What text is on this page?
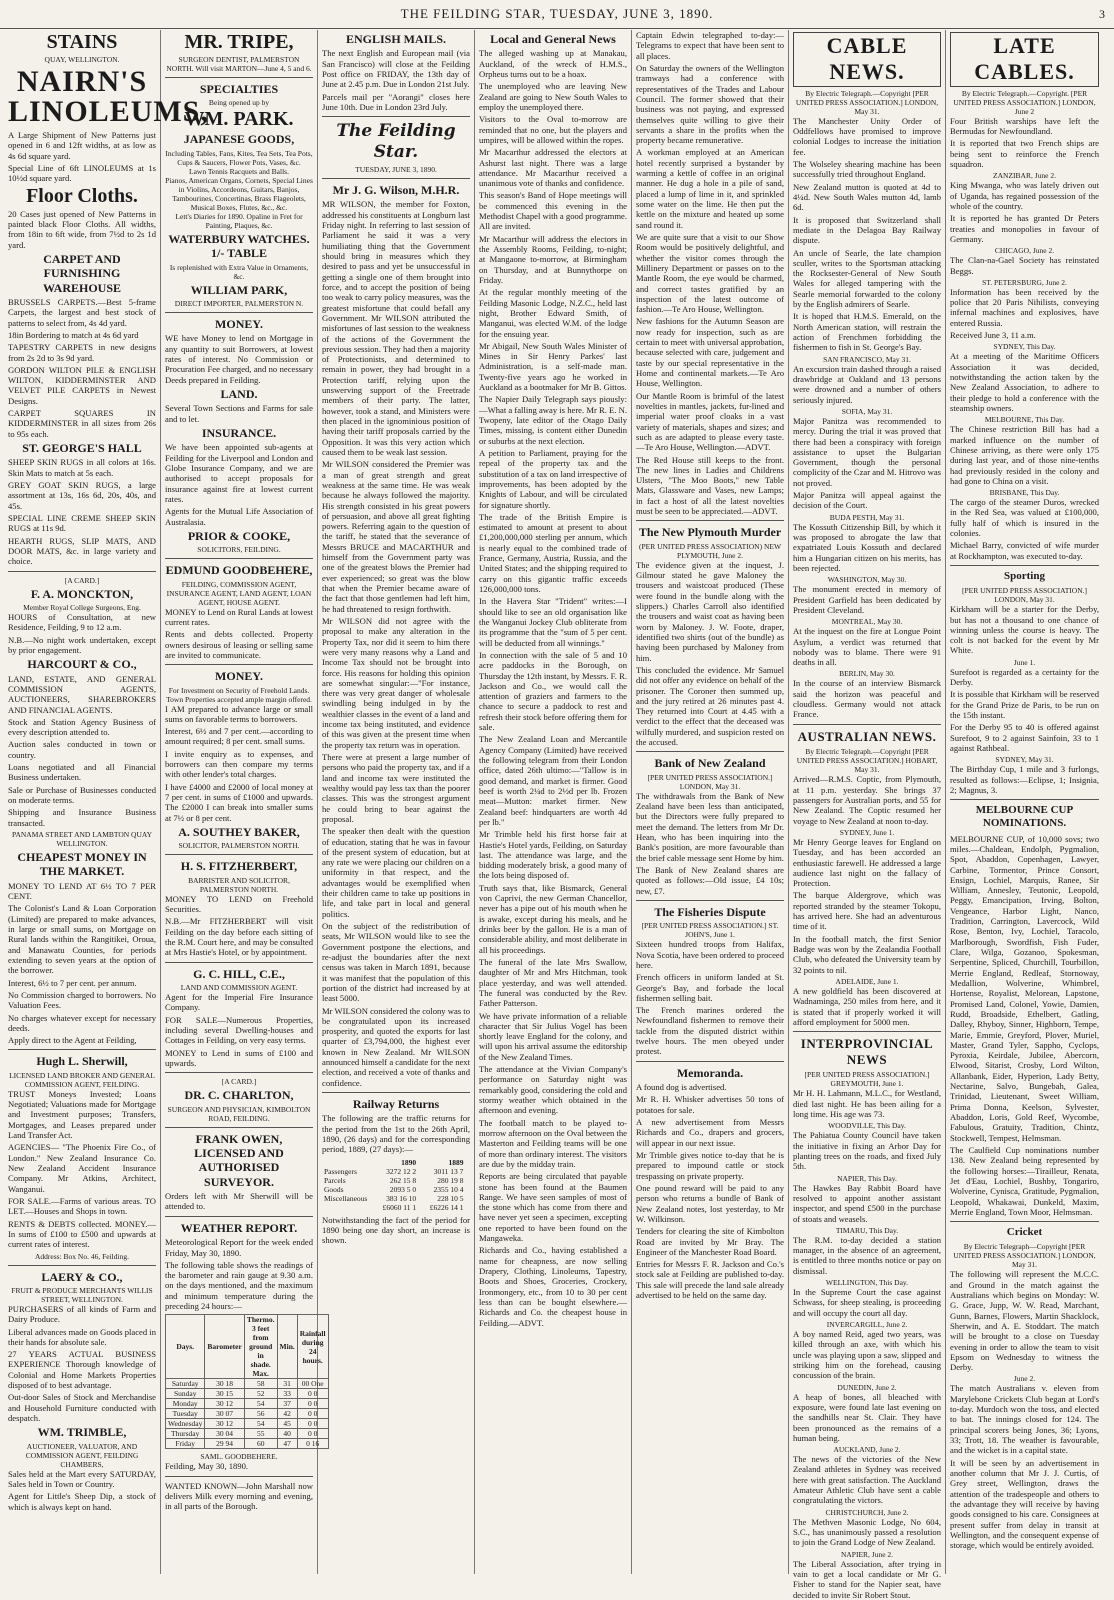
THE FEILDING STAR, TUESDAY, JUNE 3, 1890.	3
STAINS
QUAY, WELLINGTON.
NAIRN'S LINOLEUMS,

A Large Shipment of New Patterns just opened in 6 and 12ft widths, at as low as 4s 6d square yard.

Special Line of 6ft LINOLEUMS at 1s 10½d square yard.

Floor Cloths.

20 Cases just opened of New Patterns in painted black Floor Cloths. All widths, from 18in to 6ft wide, from 7½d to 2s 1d yard.

CARPET AND FURNISHING WAREHOUSE

BRUSSELS CARPETS.—Best 5-frame Carpets, the largest and best stock of patterns to select from, 4s 4d yard.

18in Bordering to match at 4s 6d yard

TAPESTRY CARPETS in new designs from 2s 2d to 3s 9d yard.

GORDON WILTON PILE & ENGLISH WILTON, KIDDERMINSTER AND VELVET PILE CARPETS in Newest Designs.

CARPET SQUARES IN KIDDERMINSTER in all sizes from 26s to 95s each.

ST. GEORGE'S HALL

SHEEP SKIN RUGS in all colors at 16s. Skin Mats to match at 5s each.

GREY GOAT SKIN RUGS, a large assortment at 13s, 16s 6d, 20s, 40s, and 45s.

SPECIAL LINE CREME SHEEP SKIN RUGS at 11s 9d.

HEARTH RUGS, SLIP MATS, AND DOOR MATS, &c. in large variety and choice.

[A CARD.]
F. A. MONCKTON,
Member Royal College Surgeons, Eng.

HOURS of Consultation, at new Residence, Feilding, 9 to 12 a.m.

N.B.—No night work undertaken, except by prior engagement.

HARCOURT & CO.,

LAND, ESTATE, AND GENERAL COMMISSION AGENTS, AUCTIONEERS, SHAREBROKERS AND FINANCIAL AGENTS.

Stock and Station Agency Business of every description attended to.

Auction sales conducted in town or country.

Loans negotiated and all Financial Business undertaken.

Sale or Purchase of Businesses conducted on moderate terms.

Shipping and Insurance Business transacted.

PANAMA STREET AND LAMBTON QUAY WELLINGTON.
CHEAPEST MONEY IN THE MARKET.

MONEY TO LEND AT 6½ TO 7 PER CENT.

The Colonist's Land & Loan Corporation (Limited) are prepared to make advances, in large or small sums, on Mortgage on Rural lands within the Rangitikei, Oroua, and Manawatu Counties, for periods extending to seven years at the option of the borrower.

Interest, 6½ to 7 per cent. per annum.

No Commission charged to borrowers. No Valuation Fees.

No charges whatever except for necessary deeds.

Apply direct to the Agent at Feilding,

Hugh L. Sherwill,
LICENSED LAND BROKER AND GENERAL COMMISSION AGENT, FEILDING.

TRUST Moneys Invested; Loans Negotiated; Valuations made for Mortgage and Investment purposes; Transfers, Mortgages, and Leases prepared under Land Transfer Act.

AGENCIES— "The Phoenix Fire Co., of London." New Zealand Insurance Co. New Zealand Accident Insurance Company. Mr Atkins, Architect, Wanganui.

FOR SALE.—Farms of various areas. TO LET.—Houses and Shops in town.

RENTS & DEBTS collected. MONEY.—In sums of £100 to £500 and upwards at current rates of interest.

Address: Box No. 46, Feilding.
LAERY & CO.,
FRUIT & PRODUCE MERCHANTS WILLIS STREET, WELLINGTON.

PURCHASERS of all kinds of Farm and Dairy Produce.

Liberal advances made on Goods placed in their hands for absolute sale.

27 YEARS ACTUAL BUSINESS EXPERIENCE Thorough knowledge of Colonial and Home Markets Properties disposed of to best advantage.

Out-door Sales of Stock and Merchandise and Household Furniture conducted with despatch.

WM. TRIMBLE,
AUCTIONEER, VALUATOR, AND COMMISSION AGENT, FEILDING CHAMBERS,

Sales held at the Mart every SATURDAY, Sales held in Town or Country.

Agent for Little's Sheep Dip, a stock of which is always kept on hand.

MR. TRIPE,
SURGEON DENTIST, PALMERSTON NORTH. Will visit MARTON—June 4, 5 and 6.
SPECIALTIES
Being opened up by
WM. PARK.
JAPANESE GOODS,
Including Tables, Fans, Kites, Tea Sets, Tea Pots, Cups & Saucers, Flower Pots, Vases, &c.
Lawn Tennis Racquets and Balls.
Pianos, American Organs, Cornets, Special Lines in Violins, Accordeons, Guitars, Banjos, Tambourines, Concertinas, Brass Flageolets, Musical Boxes, Flutes, &c., &c.
Lett's Diaries for 1890. Opaline in Fret for Painting, Plaques, &c.
WATERBURY WATCHES. 1/- TABLE
Is replenished with Extra Value in Ornaments, &c.
WILLIAM PARK,
DIRECT IMPORTER, PALMERSTON N.
MONEY.

WE have Money to lend on Mortgage in any quantity to suit Borrowers, at lowest rates of interest. No Commission or Procuration Fee charged, and no necessary Deeds prepared in Feilding.

LAND.

Several Town Sections and Farms for sale and to let.

INSURANCE.

We have been appointed sub-agents at Feilding for the Liverpool and London and Globe Insurance Company, and we are authorised to accept proposals for insurance against fire at lowest current rates.

Agents for the Mutual Life Association of Australasia.

PRIOR & COOKE,
SOLICITORS, FEILDING.
EDMUND GOODBEHERE,
FEILDING, COMMISSION AGENT, INSURANCE AGENT, LAND AGENT, LOAN AGENT, HOUSE AGENT.

MONEY to Lend on Rural Lands at lowest current rates.

Rents and debts collected. Property owners desirous of leasing or selling same are invited to communicate.

MONEY.
For Investment on Security of Freehold Lands.
Town Properties accepted ample margin offered.

I AM prepared to advance large or small sums on favorable terms to borrowers.

Interest, 6½ and 7 per cent.—according to amount required; 8 per cent. small sums.

I invite enquiry as to expenses, and borrowers can then compare my terms with other lender's total charges.

I have £4000 and £2000 of local money at 7 per cent. in sums of £1000 and upwards. The £2000 I can break into smaller sums at 7½ or 8 per cent.

A. SOUTHEY BAKER,
SOLICITOR, PALMERSTON NORTH.
H. S. FITZHERBERT,
BARRISTER AND SOLICITOR, PALMERSTON NORTH.

MONEY TO LEND on Freehold Securities.

N.B.—Mr FITZHERBERT will visit Feilding on the day before each sitting of the R.M. Court here, and may be consulted at Mrs Hastie's Hotel, or by appointment.

G. C. HILL, C.E.,
LAND AND COMMISSION AGENT.

Agent for the Imperial Fire Insurance Company.

FOR SALE—Numerous Properties, including several Dwelling-houses and Cottages in Feilding, on very easy terms.

MONEY to Lend in sums of £100 and upwards.

[A CARD.]
DR. C. CHARLTON,
SURGEON AND PHYSICIAN, KIMBOLTON ROAD, FEILDING.
FRANK OWEN, LICENSED AND AUTHORISED SURVEYOR.

Orders left with Mr Sherwill will be attended to.

WEATHER REPORT.

Meteorological Report for the week ended Friday, May 30, 1890.

The following table shows the readings of the barometer and rain gauge at 9.30 a.m. on the days mentioned, and the maximum and minimum temperature during the preceding 24 hours:—

Days.	Barometer	Thermo. 3 feet from ground in shade. Max.	Min.	Rainfall during 24 hours.
Saturday	30 18	58	31	00 One
Sunday	30 15	52	33	0 0
Monday	30 12	54	37	0 0
Tuesday	30 07	56	42	0 0
Wednesday	30 12	54	45	0 0
Thursday	30 04	55	40	0 0
Friday	29 94	60	47	0 16
SAML. GOODBEHERE.

Feilding, May 30, 1890.

WANTED KNOWN—John Marshall now delivers Milk every morning and evening, in all parts of the Borough.

ENGLISH MAILS.

The next English and European mail (via San Francisco) will close at the Feilding Post office on FRIDAY, the 13th day of June at 2.45 p.m. Due in London 21st July.

Parcels mail per "Aorangi" closes here June 10th. Due in London 23rd July.

The Feilding Star.
TUESDAY, JUNE 3, 1890.
Mr J. G. Wilson, M.H.R.

MR WILSON, the member for Foxton, addressed his constituents at Longburn last Friday night. In referring to last session of Parliament he said it was a very humiliating thing that the Government should bring in measures which they desired to pass and yet be unsuccessful in getting a single one of them brought into force, and to accept the position of being too weak to carry policy measures, was the greatest misfortune that could befall any Government. Mr WILSON attributed the misfortunes of last session to the weakness of the actions of the Government the previous session. They had then a majority of Protectionists, and determined to remain in power, they had brought in a Protection tariff, relying upon the unswerving support of the Freetrade members of their party. The latter, however, took a stand, and Ministers were then placed in the ignominious position of having their tariff proposals carried by the Opposition. It was this very action which caused them to be weak last session.

Mr WILSON considered the Premier was a man of great strength and great weakness at the same time. He was weak because he always followed the majority. His strength consisted in his great powers of persuasion, and above all great fighting powers. Referring again to the question of the tariff, he stated that the severance of Messrs BRUCE and MACARTHUR and himself from the Government party was one of the greatest blows the Premier had ever experienced; so great was the blow that when the Premier became aware of the fact that those gentlemen had left him, he had threatened to resign forthwith.

Mr WILSON did not agree with the proposal to make any alteration in the Property Tax, nor did it seem to him there were very many reasons why a Land and Income Tax should not be brought into force. His reasons for holding this opinion are somewhat singular:—"For instance, there was very great danger of wholesale swindling being indulged in by the wealthier classes in the event of a land and income tax being instituted, and evidence of this was given at the present time when the property tax return was in operation.

There were at present a large number of persons who paid the property tax, and if a land and income tax were instituted the wealthy would pay less tax than the poorer classes. This was the strongest argument he could bring to bear against the proposal.

The speaker then dealt with the question of education, stating that he was in favour of the present system of education, but at any rate we were placing our children on a uniformity in that respect, and the advantages would be exemplified when their children came to take up positions in life, and take part in local and general politics.

On the subject of the redistribution of seats, Mr WILSON would like to see the Government postpone the elections, and re-adjust the boundaries after the next census was taken in March 1891, because it was manifest that the population of this portion of the district had increased by at least 5000.

Mr WILSON considered the colony was to be congratulated upon its increased prosperity, and quoted the exports for last quarter of £3,794,000, the highest ever known in New Zealand. Mr WILSON announced himself a candidate for the next election, and received a vote of thanks and confidence.

Railway Returns

The following are the traffic returns for the period from the 1st to the 26th April, 1890, (26 days) and for the corresponding period, 1889, (27 days):—

	1890		1889	
Passengers	3272 12 2		3011 13 7	
Parcels	262 15 8		280 19 8	
Goods	2093 5 0		2355 10 4	
Miscellaneous	383 16 10		228 10 5	
	£6060 11 1		£6226 14 1	

Notwithstanding the fact of the period for 1890 being one day short, an increase is shown.

Local and General News

The alleged washing up at Manakau, Auckland, of the wreck of H.M.S., Orpheus turns out to be a hoax.

The unemployed who are leaving New Zealand are going to New South Wales to employ the unemployed there.

Visitors to the Oval to-morrow are reminded that no one, but the players and umpires, will be allowed within the ropes.

Mr Macarthur addressed the electors at Ashurst last night. There was a large attendance. Mr Macarthur received a unanimous vote of thanks and confidence.

This season's Band of Hope meetings will be commenced this evening in the Methodist Chapel with a good programme. All are invited.

Mr Macarthur will address the electors in the Assembly Rooms, Feilding, to-night; at Mangaone to-morrow, at Birmingham on Thursday, and at Bunnythorpe on Friday.

At the regular monthly meeting of the Feilding Masonic Lodge, N.Z.C., held last night, Brother Edward Smith, of Manganui, was elected W.M. of the lodge for the ensuing year.

Mr Abigail, New South Wales Minister of Mines in Sir Henry Parkes' last Administration, is a self-made man. Twenty-five years ago he worked in Auckland as a bootmaker for Mr B. Gittos.

The Napier Daily Telegraph says piously:—What a falling away is here. Mr R. E. N. Twopeny, late editor of the Otago Daily Times, missing, is content either Dunedin or suburbs at the next election.

A petition to Parliament, praying for the repeal of the property tax and the substitution of a tax on land irrespective of improvements, has been adopted by the Knights of Labour, and will be circulated for signature shortly.

The trade of the British Empire is estimated to amount at present to about £1,200,000,000 sterling per annum, which is nearly equal to the combined trade of France, Germany, Austria, Russia, and the United States; and the shipping required to carry on this gigantic traffic exceeds 126,000,000 tons.

In the Havera Star "Trident" writes:—I should like to see an old organisation like the Wanganui Jockey Club obliterate from its programme that the "sum of 5 per cent. will be deducted from all winnings."

In connection with the sale of 5 and 10 acre paddocks in the Borough, on Thursday the 12th instant, by Messrs. F. R. Jackson and Co., we would call the attention of graziers and farmers to the chance to secure a paddock to rest and refresh their stock before offering them for sale.

The New Zealand Loan and Mercantile Agency Company (Limited) have received the following telegram from their London office, dated 26th ultimo:—"Tallow is in good demand, and market is firmer. Good beef is worth 2¼d to 2½d per lb. Frozen meat—Mutton: market firmer. New Zealand beef: hindquarters are worth 4d per lb."

Mr Trimble held his first horse fair at Hastie's Hotel yards, Feilding, on Saturday last. The attendance was large, and the bidding moderately brisk, a good many of the lots being disposed of.

Truth says that, like Bismarck, General von Caprivi, the new German Chancellor, never has a pipe out of his mouth when he is awake, except during his meals, and he drinks beer by the gallon. He is a man of considerable ability, and most deliberate in all his proceedings.

The funeral of the late Mrs Swallow, daughter of Mr and Mrs Hitchman, took place yesterday, and was well attended. The funeral was conducted by the Rev. Father Patterson.

We have private information of a reliable character that Sir Julius Vogel has been shortly leave England for the colony, and will upon his arrival assume the editorship of the New Zealand Times.

The attendance at the Vivian Company's performance on Saturday night was remarkably good, considering the cold and stormy weather which obtained in the afternoon and evening.

The football match to be played to-morrow afternoon on the Oval between the Masterton and Feilding teams will be one of more than ordinary interest. The visitors are due by the midday train.

Reports are being circulated that payable stone has been found at the Baumen Range. We have seen samples of most of the stone which has come from there and have never yet seen a specimen, excepting one reported to have been found on the Mangaweka.

Richards and Co., having established a name for cheapness, are now selling Drapery, Clothing, Linoleums, Tapestry, Boots and Shoes, Groceries, Crockery, Ironmongery, etc., from 10 to 30 per cent less than can be bought elsewhere.—Richards and Co. the cheapest house in Feilding.—ADVT.

Captain Edwin telegraphed to-day:—Telegrams to expect that have been sent to all places.

On Saturday the owners of the Wellington tramways had a conference with representatives of the Trades and Labour Council. The former showed that their business was not paying, and expressed themselves quite willing to give their servants a share in the profits when the property became remunerative.

A workman employed at an American hotel recently surprised a bystander by warming a kettle of coffee in an original manner. He dug a hole in a pile of sand, placed a lump of lime in it, and sprinkled some water on the lime. He then put the kettle on the mixture and heated up some sand round it.

We are quite sure that a visit to our Show Room would be positively delightful, and whether the visitor comes through the Millinery Department or passes on to the Mantle Room, the eye would be charmed, and correct tastes gratified by an inspection of the latest outcome of fashion.—Te Aro House, Wellington.

New fashions for the Autumn Season are now ready for inspection, such as are certain to meet with universal approbation, because selected with care, judgement and taste by our special representative in the Home and continental markets.—Te Aro House, Wellington.

Our Mantle Room is brimful of the latest novelties in mantles, jackets, fur-lined and imperial water proof cloaks in a vast variety of materials, shapes and sizes; and such as are adapted to please every taste.—Te Aro House, Wellington.—ADVT.

The Red House still keeps to the front. The new lines in Ladies and Childrens Ulsters, "The Moo Boots," new Table Mats, Glassware and Vases, new Lamps; in fact a host of all the latest novelties must be seen to be appreciated.—ADVT.

The New Plymouth Murder
(PER UNITED PRESS ASSOCIATION) NEW PLYMOUTH, June 2.

The evidence given at the inquest, J. Gilmour stated he gave Maloney the trousers and waistcoat produced (These were found in the bundle along with the slippers.) Charles Carroll also identified the trousers and waist coat as having been worn by Maloney. J. W. Foote, draper, identified two shirts (out of the bundle) as having been purchased by Maloney from him.

This concluded the evidence. Mr Samuel did not offer any evidence on behalf of the prisoner. The Coroner then summed up, and the jury retired at 26 minutes past 4. They returned into Court at 4.45 with a verdict to the effect that the deceased was wilfully murdered, and suspicion rested on the accused.

Bank of New Zealand
[PER UNITED PRESS ASSOCIATION.] LONDON, May 31.

The withdrawals from the Bank of New Zealand have been less than anticipated, but the Directors were fully prepared to meet the demand. The letters from Mr Dr. Hean, who has been inquiring into the Bank's position, are more favourable than the brief cable message sent Home by him.

The Bank of New Zealand shares are quoted as follows:—Old issue, £4 10s; new, £7.

The Fisheries Dispute
[PER UNITED PRESS ASSOCIATION.] ST. JOHN'S, June 1.

Sixteen hundred troops from Halifax, Nova Scotia, have been ordered to proceed here.

French officers in uniform landed at St. George's Bay, and forbade the local fishermen selling bait.

The French marines ordered the Newfoundland fishermen to remove their tackle from the disputed district within twelve hours. The men obeyed under protest.

Memoranda.

A found dog is advertised.

Mr R. H. Whisker advertises 50 tons of potatoes for sale.

A new advertisement from Messrs Richards and Co., drapers and grocers, will appear in our next issue.

Mr Trimble gives notice to-day that he is prepared to impound cattle or stock trespassing on private property.

One pound reward will be paid to any person who returns a bundle of Bank of New Zealand notes, lost yesterday, to Mr W. Wilkinson.

Tenders for clearing the site of Kimbolton Road are invited by Mr Bray. The Engineer of the Manchester Road Board.

Entries for Messrs F. R. Jackson and Co.'s stock sale at Feilding are published to-day. This sale will precede the land sale already advertised to be held on the same day.

CABLE NEWS.
By Electric Telegraph.—Copyright [PER UNITED PRESS ASSOCIATION.] LONDON, May 31.

The Manchester Unity Order of Oddfellows have promised to improve colonial Lodges to increase the initiation fee.

The Wolseley shearing machine has been successfully tried throughout England.

New Zealand mutton is quoted at 4d to 4¼d. New South Wales mutton 4d, lamb 6d.

It is proposed that Switzerland shall mediate in the Delagoa Bay Railway dispute.

An uncle of Searle, the late champion sculler, writes to the Sportsman attacking the Rocksester-General of New South Wales for alleged tampering with the Searle memorial forwarded to the colony by the English admirers of Searle.

It is hoped that H.M.S. Emerald, on the North American station, will restrain the action of Frenchmen forbidding the fishermen to fish in St. George's Bay.

SAN FRANCISCO, May 31.

An excursion train dashed through a raised drawbridge at Oakland and 13 persons were drowned and a number of others seriously injured.

SOFIA, May 31.

Major Panitza was recommended to mercy. During the trial it was proved that there had been a conspiracy with foreign assistance to upset the Bulgarian Government, though the personal complicity of the Czar and M. Hitrovo was not proved.

Major Panitza will appeal against the decision of the Court.

BUDA PESTH, May 31.

The Kossuth Citizenship Bill, by which it was proposed to abrogate the law that expatriated Louis Kossuth and declared him a Hungarian citizen on his merits, has been rejected.

WASHINGTON, May 30.

The monument erected in memory of President Garfield has been dedicated by President Cleveland.

MONTREAL, May 30.

At the inquest on the fire at Longue Point Asylum, a verdict was returned that nobody was to blame. There were 91 deaths in all.

BERLIN, May 30.

In the course of an interview Bismarck said the horizon was peaceful and cloudless. Germany would not attack France.

AUSTRALIAN NEWS.
By Electric Telegraph.—Copyright [PER UNITED PRESS ASSOCIATION.] HOBART, May 31.

Arrived—R.M.S. Coptic, from Plymouth, at 11 p.m. yesterday. She brings 37 passengers for Australian ports, and 55 for New Zealand. The Coptic resumed her voyage to New Zealand at noon to-day.

SYDNEY, June 1.

Mr Henry George leaves for England on Tuesday, and has been accorded an enthusiastic farewell. He addressed a large audience last night on the fallacy of Protection.

The barque Aldergrove, which was reported stranded by the steamer Tokopu, has arrived here. She had an adventurous time of it.

In the football match, the first Senior Badge was won by the Zealandia Football Club, who defeated the University team by 32 points to nil.

ADELAIDE, June 1.

A new goldfield has been discovered at Wadnaminga, 250 miles from here, and it is stated that if properly worked it will afford employment for 5000 men.

INTERPROVINCIAL NEWS
[PER UNITED PRESS ASSOCIATION.] GREYMOUTH, June 1.

Mr H. H. Lahmann, M.L.C., for Westland, died last night. He has been ailing for a long time. His age was 73.

WOODVILLE, This Day.

The Pahiatua County Council have taken the initiative in fixing an Arbor Day for planting trees on the roads, and fixed July 5th.

NAPIER, This Day.

The Hawkes Bay Rabbit Board have resolved to appoint another assistant inspector, and spend £500 in the purchase of stoats and weasels.

TIMARU, This Day.

The R.M. to-day decided a station manager, in the absence of an agreement, is entitled to three months notice or pay on dismissal.

WELLINGTON, This Day.

In the Supreme Court the case against Schwass, for sheep stealing, is proceeding and will occupy the court all day.

INVERCARGILL, June 2.

A boy named Reid, aged two years, was killed through an axe, with which his uncle was playing upon a saw, slipped and striking him on the forehead, causing concussion of the brain.

DUNEDIN, June 2.

A heap of bones, all bleached with exposure, were found late last evening on the sandhills near St. Clair. They have been pronounced as the remains of a human being.

AUCKLAND, June 2.

The news of the victories of the New Zealand athletes in Sydney was received here with great satisfaction. The Auckland Amateur Athletic Club have sent a cable congratulating the victors.

CHRISTCHURCH, June 2.

The Methven Masonic Lodge, No 604, S.C., has unanimously passed a resolution to join the Grand Lodge of New Zealand.

NAPIER, June 2.

The Liberal Association, after trying in vain to get a local candidate or Mr G. Fisher to stand for the Napier seat, have decided to invite Sir Robert Stout.

LATE CABLES.
By Electric Telegraph.—Copyright. [PER UNITED PRESS ASSOCIATION.] LONDON, June 2

Four British warships have left the Bermudas for Newfoundland.

It is reported that two French ships are being sent to reinforce the French squadron.

ZANZIBAR, June 2.

King Mwanga, who was lately driven out of Uganda, has regained possession of the whole of the country.

It is reported he has granted Dr Peters treaties and monopolies in favour of Germany.

CHICAGO, June 2.

The Clan-na-Gael Society has reinstated Beggs.

ST. PETERSBURG, June 2.

Information has been received by the police that 20 Paris Nihilists, conveying infernal machines and explosives, have entered Russia.

Received June 3, 11 a.m.

SYDNEY, This Day.

At a meeting of the Maritime Officers Association it was decided, notwithstanding the action taken by the New Zealand Association, to adhere to their pledge to hold a conference with the steamship owners.

MELBOURNE, This Day.

The Chinese restriction Bill has had a marked influence on the number of Chinese arriving, as there were only 175 during last year, and of those nine-tenths had previously resided in the colony and had gone to China on a visit.

BRISBANE, This Day.

The cargo of the steamer Duros, wrecked in the Red Sea, was valued at £100,000, fully half of which is insured in the colonies.

Michael Barry, convicted of wife murder at Rockhampton, was executed to-day.

Sporting
[PER UNITED PRESS ASSOCIATION.] LONDON, May 31.

Kirkham will be a starter for the Derby, but has not a thousand to one chance of winning unless the course is heavy. The colt is not backed for the event by Mr White.

June 1.

Surefoot is regarded as a certainty for the Derby.

It is possible that Kirkham will be reserved for the Grand Prize de Paris, to be run on the 15th instant.

For the Derby 95 to 40 is offered against Surefoot, 9 to 2 against Sainfoin, 33 to 1 against Rathbeal.

SYDNEY, May 31.

The Birthday Cup, 1 mile and 3 furlongs, resulted as follows:—Eclipse, 1; Insignia, 2; Magnus, 3.

MELBOURNE CUP NOMINATIONS.

MELBOURNE CUP, of 10,000 sovs; two miles.—Chaldean, Endolph, Pygmalion, Spot, Abaddon, Copenhagen, Lawyer, Carbine, Tormentor, Prince Consort, Ensign, Lochiel, Marquis, Ranee, Sir William, Annesley, Teutonic, Leopold, Peggy, Emancipation, Irving, Bolton, Vengeance, Harbor Light, Nanco, Tradition, Carrington, Lavercock, Wild Rose, Benton, Ivy, Lochiel, Taracolo, Marlborough, Swordfish, Fish Fuder, Clare, Wilga, Gozanoo, Spokesman, Serpentine, Spliced, Churchill, Tourbillon, Merrie England, Redleaf, Stornoway, Medallion, Wolverine, Whimbrel, Hortense, Royalist, Melorean, Lapstone, Promised Land, Colonel, Yowie, Damien, Rudd, Broadside, Ethelbert, Gatling, Dalley, Rhyboy, Sinner, Highborn, Tempe, Marie, Emmie, Greyford, Plover, Muriel, Master, Grand Tyler, Sappho, Cyclops, Pyroxia, Keirdale, Jubilee, Abercorn, Elwood, Sitarist, Crosby, Lord Wilton, Allanbank, Eider, Hyperion, Lady Betty, Nectarine, Salvo, Bungebah, Galea, Trinidad, Lieutenant, Sweet William, Prima Donna, Keelson, Sylvester, Abaddon, Loris, Gold Reef, Wycombe, Fabulous, Gratuity, Tradition, Chintz, Stockwell, Tempest, Helmsman.

The Caulfield Cup nominations number 138. New Zealand being represented by the following horses:—Tirailleur, Renata, Jet d'Eau, Lochiel, Bushby, Tongariro, Wolverine, Cynisca, Gratitude, Pygmalion, Leopold, Whakawai, Dunkeld, Maxim, Merrie England, Town Moor, Helmsman.

Cricket
By Electric Telegraph—Copyright [PER UNITED PRESS ASSOCIATION.] LONDON, May 31.

The following will represent the M.C.C. and Ground in the match against the Australians which begins on Monday: W. G. Grace, Jupp, W. W. Read, Marchant, Gunn, Barnes, Flowers, Martin Shacklock, Sherwin, and A. E. Stoddart. The match will be brought to a close on Tuesday evening in order to allow the team to visit Epsom on Wednesday to witness the Derby.

June 2.

The match Australians v. eleven from Marylebone Crickets Club began at Lord's to-day. Murdoch won the toss, and elected to bat. The innings closed for 124. The principal scorers being Jones, 36; Lyons, 33; Trott, 18. The weather is favourable, and the wicket is in a capital state.

It will be seen by an advertisement in another column that Mr J. J. Curtis, of Grey street, Wellington, draws the attention of the tradespeople and others to the advantage they will receive by having goods consigned to his care. Consignees at present suffer from delay in transit at Wellington, and the consequent expense of storage, which would be entirely avoided.
